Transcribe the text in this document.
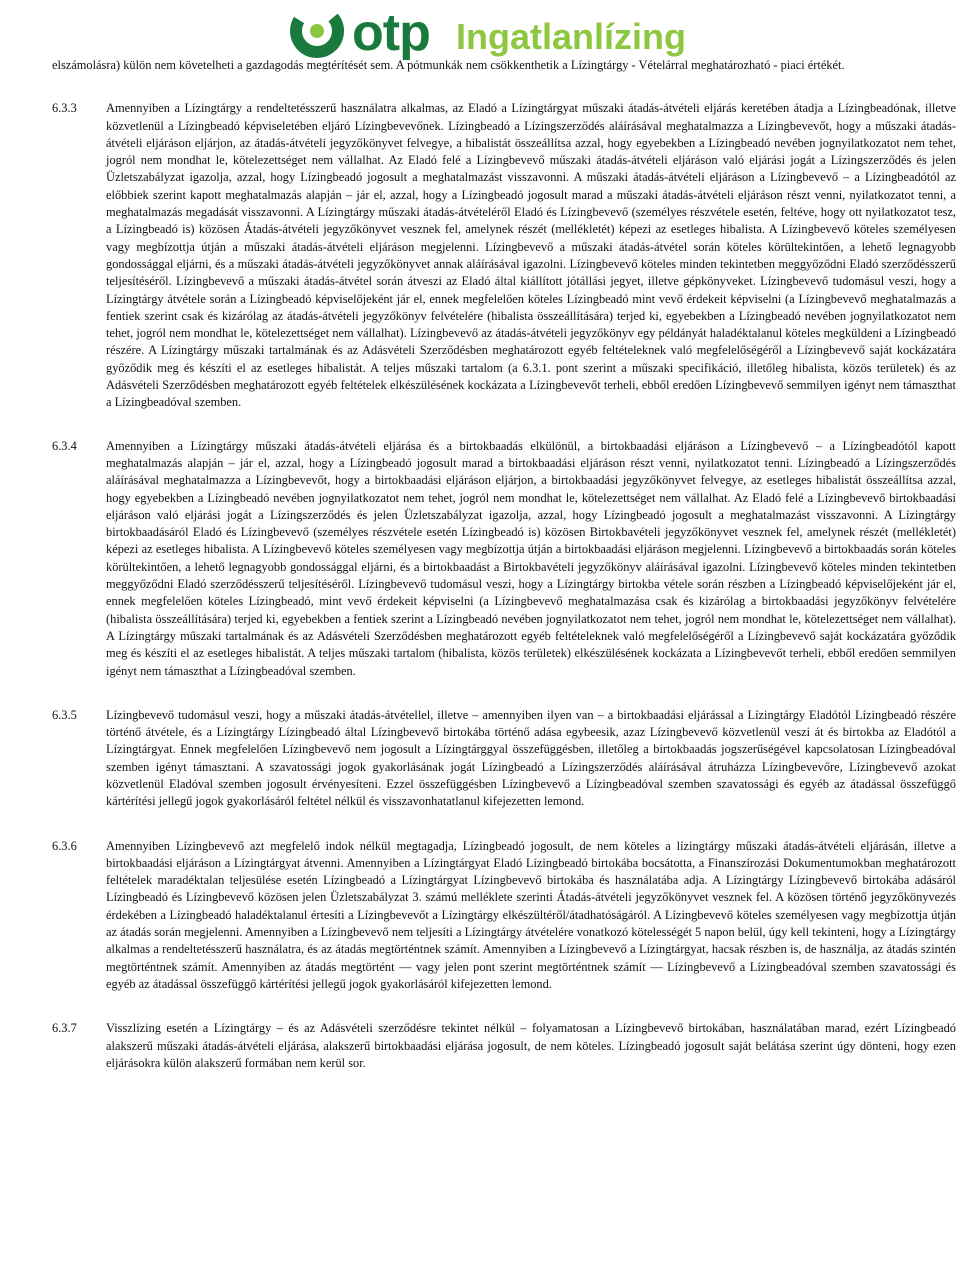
otp Ingatlanlízing

elszámolásra) külön nem követelheti a gazdagodás megtérítését sem. A pótmunkák nem csökkenthetik a Lízingtárgy - Vételárral meghatározható - piaci értékét.

6.3.3	Amennyiben a Lízingtárgy a rendeltetésszerű használatra alkalmas, az Eladó a Lízingtárgyat műszaki átadás-átvételi eljárás keretében átadja a Lízingbeadónak, illetve közvetlenül a Lízingbeadó képviseletében eljáró Lízingbevevőnek. Lízingbeadó a Lízingszerződés aláírásával meghatalmazza a Lízingbevevőt, hogy a műszaki átadás-átvételi eljáráson eljárjon, az átadás-átvételi jegyzőkönyvet felvegye, a hibalistát összeállítsa azzal, hogy egyebekben a Lízingbeadó nevében jognyilatkozatot nem tehet, jogról nem mondhat le, kötelezettséget nem vállalhat. Az Eladó felé a Lízingbevevő műszaki átadás-átvételi eljáráson való eljárási jogát a Lízingszerződés és jelen Üzletszabályzat igazolja, azzal, hogy Lízingbeadó jogosult a meghatalmazást visszavonni. A műszaki átadás-átvételi eljáráson a Lízingbevevő – a Lízingbeadótól az előbbiek szerint kapott meghatalmazás alapján – jár el, azzal, hogy a Lízingbeadó jogosult marad a műszaki átadás-átvételi eljáráson részt venni, nyilatkozatot tenni, a meghatalmazás megadását visszavonni. A Lízingtárgy műszaki átadás-átvételéről Eladó és Lízingbevevő (személyes részvétele esetén, feltéve, hogy ott nyilatkozatot tesz, a Lízingbeadó is) közösen Átadás-átvételi jegyzőkönyvet vesznek fel, amelynek részét (mellékletét) képezi az esetleges hibalista. A Lízingbevevő köteles személyesen vagy megbízottja útján a műszaki átadás-átvételi eljáráson megjelenni. Lízingbevevő a műszaki átadás-átvétel során köteles körültekintően, a lehető legnagyobb gondossággal eljárni, és a műszaki átadás-átvételi jegyzőkönyvet annak aláírásával igazolni. Lízingbevevő köteles minden tekintetben meggyőződni Eladó szerződésszerű teljesítéséről. Lízingbevevő a műszaki átadás-átvétel során átveszi az Eladó által kiállított jótállási jegyet, illetve gépkönyveket. Lízingbevevő tudomásul veszi, hogy a Lízingtárgy átvétele során a Lízingbeadó képviselőjeként jár el, ennek megfelelően köteles Lízingbeadó mint vevő érdekeit képviselni (a Lízingbevevő meghatalmazás a fentiek szerint csak és kizárólag az átadás-átvételi jegyzőkönyv felvételére (hibalista összeállítására) terjed ki, egyebekben a Lízingbeadó nevében jognyilatkozatot nem tehet, jogról nem mondhat le, kötelezettséget nem vállalhat). Lízingbevevő az átadás-átvételi jegyzőkönyv egy példányát haladéktalanul köteles megküldeni a Lízingbeadó részére. A Lízingtárgy műszaki tartalmának és az Adásvételi Szerződésben meghatározott egyéb feltételeknek való megfelelőségéről a Lízingbevevő saját kockázatára győződik meg és készíti el az esetleges hibalistát. A teljes műszaki tartalom (a 6.3.1. pont szerint a műszaki specifikáció, illetőleg hibalista, közös területek) és az Adásvételi Szerződésben meghatározott egyéb feltételek elkészülésének kockázata a Lízingbevevőt terheli, ebből eredően Lízingbevevő semmilyen igényt nem támaszthat a Lízingbeadóval szemben.

6.3.4	Amennyiben a Lízingtárgy műszaki átadás-átvételi eljárása és a birtokbaadás elkülönül, a birtokbaadási eljáráson a Lízingbevevő – a Lízingbeadótól kapott meghatalmazás alapján – jár el, azzal, hogy a Lízingbeadó jogosult marad a birtokbaadási eljáráson részt venni, nyilatkozatot tenni. Lízingbeadó a Lízingszerződés aláírásával meghatalmazza a Lízingbevevőt, hogy a birtokbaadási eljáráson eljárjon, a birtokbaadási jegyzőkönyvet felvegye, az esetleges hibalistát összeállítsa azzal, hogy egyebekben a Lízingbeadó nevében jognyilatkozatot nem tehet, jogról nem mondhat le, kötelezettséget nem vállalhat. Az Eladó felé a Lízingbevevő birtokbaadási eljáráson való eljárási jogát a Lízingszerződés és jelen Üzletszabályzat igazolja, azzal, hogy Lízingbeadó jogosult a meghatalmazást visszavonni. A Lízingtárgy birtokbaadásáról Eladó és Lízingbevevő (személyes részvétele esetén Lízingbeadó is) közösen Birtokbavételi jegyzőkönyvet vesznek fel, amelynek részét (mellékletét) képezi az esetleges hibalista. A Lízingbevevő köteles személyesen vagy megbízottja útján a birtokbaadási eljáráson megjelenni. Lízingbevevő a birtokbaadás során köteles körültekintően, a lehető legnagyobb gondossággal eljárni, és a birtokbaadást a Birtokbavételi jegyzőkönyv aláírásával igazolni. Lízingbevevő köteles minden tekintetben meggyőződni Eladó szerződésszerű teljesítéséről. Lízingbevevő tudomásul veszi, hogy a Lízingtárgy birtokba vétele során részben a Lízingbeadó képviselőjeként jár el, ennek megfelelően köteles Lízingbeadó, mint vevő érdekeit képviselni (a Lízingbevevő meghatalmazása csak és kizárólag a birtokbaadási jegyzőkönyv felvételére (hibalista összeállítására) terjed ki, egyebekben a fentiek szerint a Lízingbeadó nevében jognyilatkozatot nem tehet, jogról nem mondhat le, kötelezettséget nem vállalhat). A Lízingtárgy műszaki tartalmának és az Adásvételi Szerződésben meghatározott egyéb feltételeknek való megfelelőségéről a Lízingbevevő saját kockázatára győződik meg és készíti el az esetleges hibalistát. A teljes műszaki tartalom (hibalista, közös területek) elkészülésének kockázata a Lízingbevevőt terheli, ebből eredően semmilyen igényt nem támaszthat a Lízingbeadóval szemben.

6.3.5	Lízingbevevő tudomásul veszi, hogy a műszaki átadás-átvétellel, illetve – amennyiben ilyen van – a birtokbaadási eljárással a Lízingtárgy Eladótól Lízingbeadó részére történő átvétele, és a Lízingtárgy Lízingbeadó által Lízingbevevő birtokába történő adása egybeesik, azaz Lízingbevevő közvetlenül veszi át és birtokba az Eladótól a Lízingtárgyat. Ennek megfelelően Lízingbevevő nem jogosult a Lízingtárggyal összefüggésben, illetőleg a birtokbaadás jogszerűségével kapcsolatosan Lízingbeadóval szemben igényt támasztani. A szavatossági jogok gyakorlásának jogát Lízingbeadó a Lízingszerződés aláírásával átruházza Lízingbevevőre, Lízingbevevő azokat közvetlenül Eladóval szemben jogosult érvényesíteni. Ezzel összefüggésben Lízingbevevő a Lízingbeadóval szemben szavatossági és egyéb az átadással összefüggő kártérítési jellegű jogok gyakorlásáról feltétel nélkül és visszavonhatatlanul kifejezetten lemond.

6.3.6	Amennyiben Lízingbevevő azt megfelelő indok nélkül megtagadja, Lízingbeadó jogosult, de nem köteles a lízingtárgy műszaki átadás-átvételi eljárásán, illetve a birtokbaadási eljáráson a Lízingtárgyat átvenni. Amennyiben a Lízingtárgyat Eladó Lízingbeadó birtokába bocsátotta, a Finanszírozási Dokumentumokban meghatározott feltételek maradéktalan teljesülése esetén Lízingbeadó a Lízingtárgyat Lízingbevevő birtokába és használatába adja. A Lízingtárgy Lízingbevevő birtokába adásáról Lízingbeadó és Lízingbevevő közösen jelen Üzletszabályzat 3. számú melléklete szerinti Átadás-átvételi jegyzőkönyvet vesznek fel. A közösen történő jegyzőkönyvezés érdekében a Lízingbeadó haladéktalanul értesíti a Lízingbevevőt a Lízingtárgy elkészültéről/átadhatóságáról. A Lízingbevevő köteles személyesen vagy megbízottja útján az átadás során megjelenni. Amennyiben a Lízingbevevő nem teljesíti a Lízingtárgy átvételére vonatkozó kötelességét 5 napon belül, úgy kell tekinteni, hogy a Lízingtárgy alkalmas a rendeltetésszerű használatra, és az átadás megtörténtnek számít. Amennyiben a Lízingbevevő a Lízingtárgyat, hacsak részben is, de használja, az átadás szintén megtörténtnek számít. Amennyiben az átadás megtörtént — vagy jelen pont szerint megtörténtnek számít — Lízingbevevő a Lízingbeadóval szemben szavatossági és egyéb az átadással összefüggő kártérítési jellegű jogok gyakorlásáról kifejezetten lemond.

6.3.7	Visszlízing esetén a Lízingtárgy – és az Adásvételi szerződésre tekintet nélkül – folyamatosan a Lízingbevevő birtokában, használatában marad, ezért Lízingbeadó alakszerű műszaki átadás-átvételi eljárása, alakszerű birtokbaadási eljárása jogosult, de nem köteles. Lízingbeadó jogosult saját belátása szerint úgy dönteni, hogy ezen eljárásokra külön alakszerű formában nem kerül sor.
